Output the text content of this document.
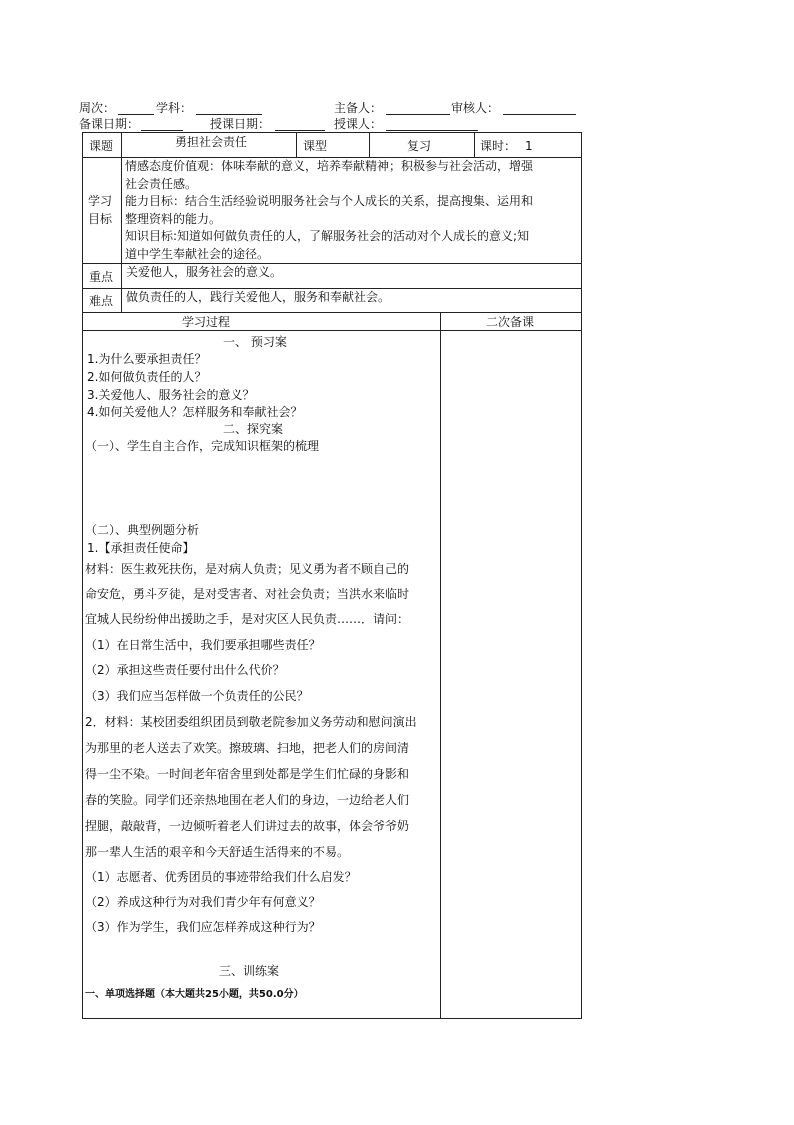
周次：	学科：	主备人：	审核人：
备课日期：	授课日期：	授课人：
课题	勇担社会责任	课型	复习	课时： 1
学习
目标
情感态度价值观：体味奉献的意义，培养奉献精神；积极参与社会活动，增强
社会责任感。
能力目标：结合生活经验说明服务社会与个人成长的关系，提高搜集、运用和
整理资料的能力。
知识目标:知道如何做负责任的人，了解服务社会的活动对个人成长的意义;知
道中学生奉献社会的途径。
重点 关爱他人，服务社会的意义。
难点 做负责任的人，践行关爱他人，服务和奉献社会。
学习过程	二次备课
一、 预习案
1.为什么要承担责任？
2.如何做负责任的人？
3.关爱他人、服务社会的意义？
4.如何关爱他人？怎样服务和奉献社会？
二、探究案
（一）、学生自主合作，完成知识框架的梳理
（二）、典型例题分析
1.【承担责任使命】
材料：医生救死扶伤，是对病人负责；见义勇为者不顾自己的
命安危，勇斗歹徒，是对受害者、对社会负责；当洪水来临时
宜城人民纷纷伸出援助之手，是对灾区人民负责……．请问：
（1）在日常生活中，我们要承担哪些责任？
（2）承担这些责任要付出什么代价？
（3）我们应当怎样做一个负责任的公民？
2．材料：某校团委组织团员到敬老院参加义务劳动和慰问演出
为那里的老人送去了欢笑。擦玻璃、扫地，把老人们的房间清
得一尘不染。一时间老年宿舍里到处都是学生们忙碌的身影和
春的笑脸。同学们还亲热地围在老人们的身边，一边给老人们
捏腿，敲敲背，一边倾听着老人们讲过去的故事，体会爷爷奶
那一辈人生活的艰辛和今天舒适生活得来的不易。
（1）志愿者、优秀团员的事迹带给我们什么启发？
（2）养成这种行为对我们青少年有何意义？
（3）作为学生，我们应怎样养成这种行为？
三、训练案
一、单项选择题（本大题共25小题，共50.0分）
